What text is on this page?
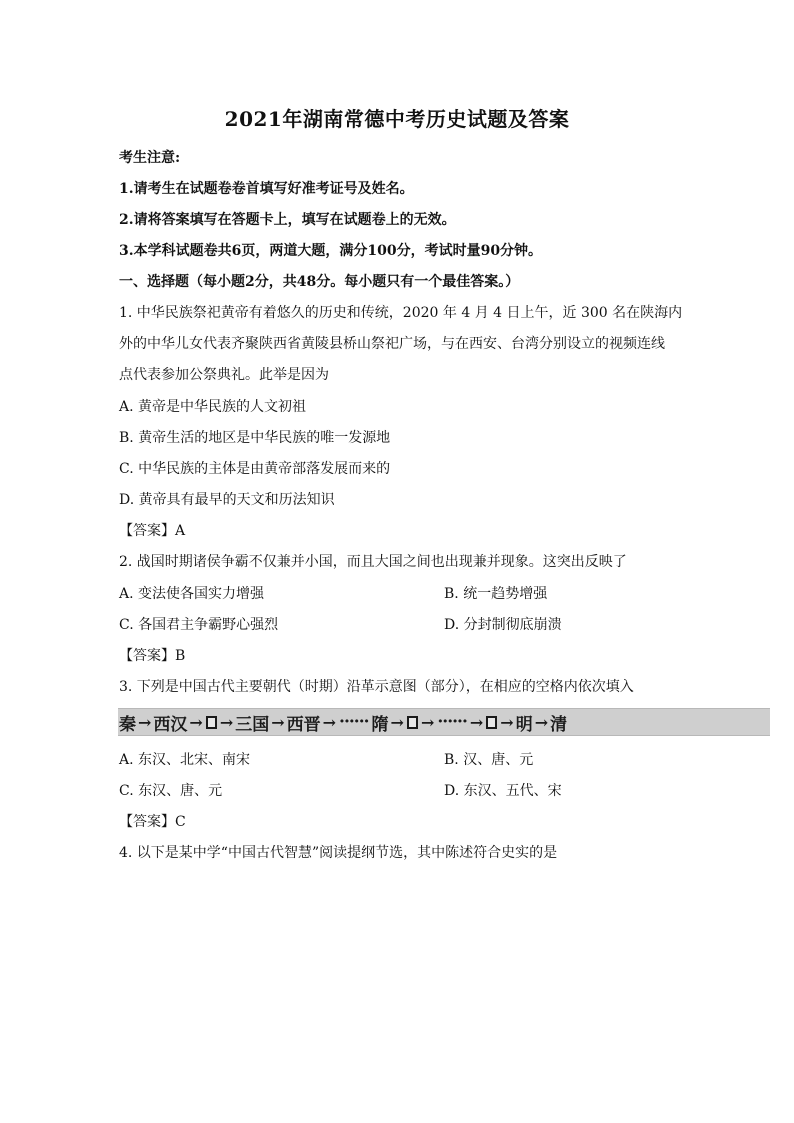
2021年湖南常德中考历史试题及答案
考生注意:
1.请考生在试题卷卷首填写好准考证号及姓名。
2.请将答案填写在答题卡上，填写在试题卷上的无效。
3.本学科试题卷共6页，两道大题，满分100分，考试时量90分钟。
一、选择题（每小题2分，共48分。每小题只有一个最佳答案。）
1. 中华民族祭祀黄帝有着悠久的历史和传统，2020 年 4 月 4 日上午，近 300 名在陕海内
外的中华儿女代表齐聚陕西省黄陵县桥山祭祀广场，与在西安、台湾分别设立的视频连线
点代表参加公祭典礼。此举是因为
A. 黄帝是中华民族的人文初祖
B. 黄帝生活的地区是中华民族的唯一发源地
C. 中华民族的主体是由黄帝部落发展而来的
D. 黄帝具有最早的天文和历法知识
【答案】A
2. 战国时期诸侯争霸不仅兼并小国，而且大国之间也出现兼并现象。这突出反映了
A. 变法使各国实力增强	B. 统一趋势增强
C. 各国君主争霸野心强烈	D. 分封制彻底崩溃
【答案】B
3. 下列是中国古代主要朝代（时期）沿革示意图（部分），在相应的空格内依次填入
秦 → 西汉 → → 三国 → 西晋 → ······ 隋 → → ······ → → 明 → 清
A. 东汉、北宋、南宋	B. 汉、唐、元
C. 东汉、唐、元	D. 东汉、五代、宋
【答案】C
4. 以下是某中学“中国古代智慧”阅读提纲节选，其中陈述符合史实的是
